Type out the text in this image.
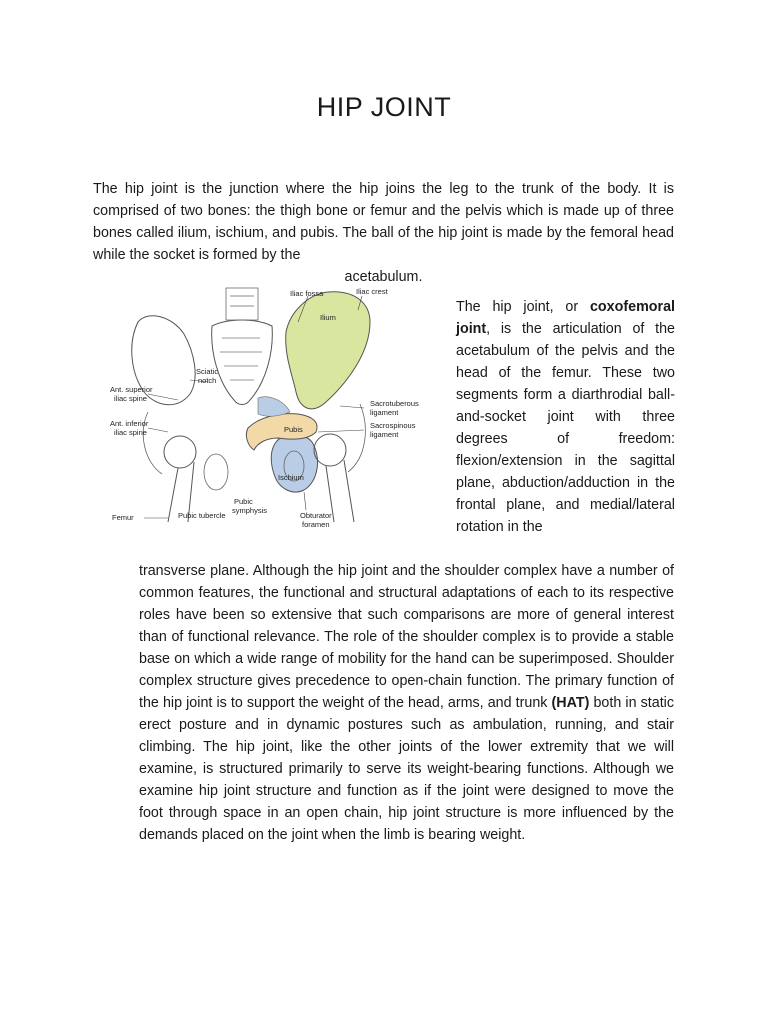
HIP JOINT

The hip joint is the junction where the hip joins the leg to the trunk of the body. It is comprised of two bones: the thigh bone or femur and the pelvis which is made up of three bones called ilium, ischium, and pubis. The ball of the hip joint is made by the femoral head while the socket is formed by the
acetabulum.

Iliac fossa	Iliac crest
Ilium
Sciatic
notch
Ant. superior
iliac spine
Ant. inferior
iliac spine
Sacrotuberous
ligament
Sacrospinous
ligament
Pubis
Ischium
Pubic
symphysis
Pubic tubercle
Femur	Obturator
foramen

The hip joint, or coxofemoral joint, is the articulation of the acetabulum of the pelvis and the head of the femur. These two segments form a diarthrodial ball-and-socket joint with three degrees of freedom: flexion/extension in the sagittal plane, abduction/adduction in the frontal plane, and medial/lateral rotation in the

transverse plane. Although the hip joint and the shoulder complex have a number of common features, the functional and structural adaptations of each to its respective roles have been so extensive that such comparisons are more of general interest than of functional relevance. The role of the shoulder complex is to provide a stable base on which a wide range of mobility for the hand can be superimposed. Shoulder complex structure gives precedence to open-chain function. The primary function of the hip joint is to support the weight of the head, arms, and trunk (HAT) both in static erect posture and in dynamic postures such as ambulation, running, and stair climbing. The hip joint, like the other joints of the lower extremity that we will examine, is structured primarily to serve its weight-bearing functions. Although we examine hip joint structure and function as if the joint were designed to move the foot through space in an open chain, hip joint structure is more influenced by the demands placed on the joint when the limb is bearing weight.
